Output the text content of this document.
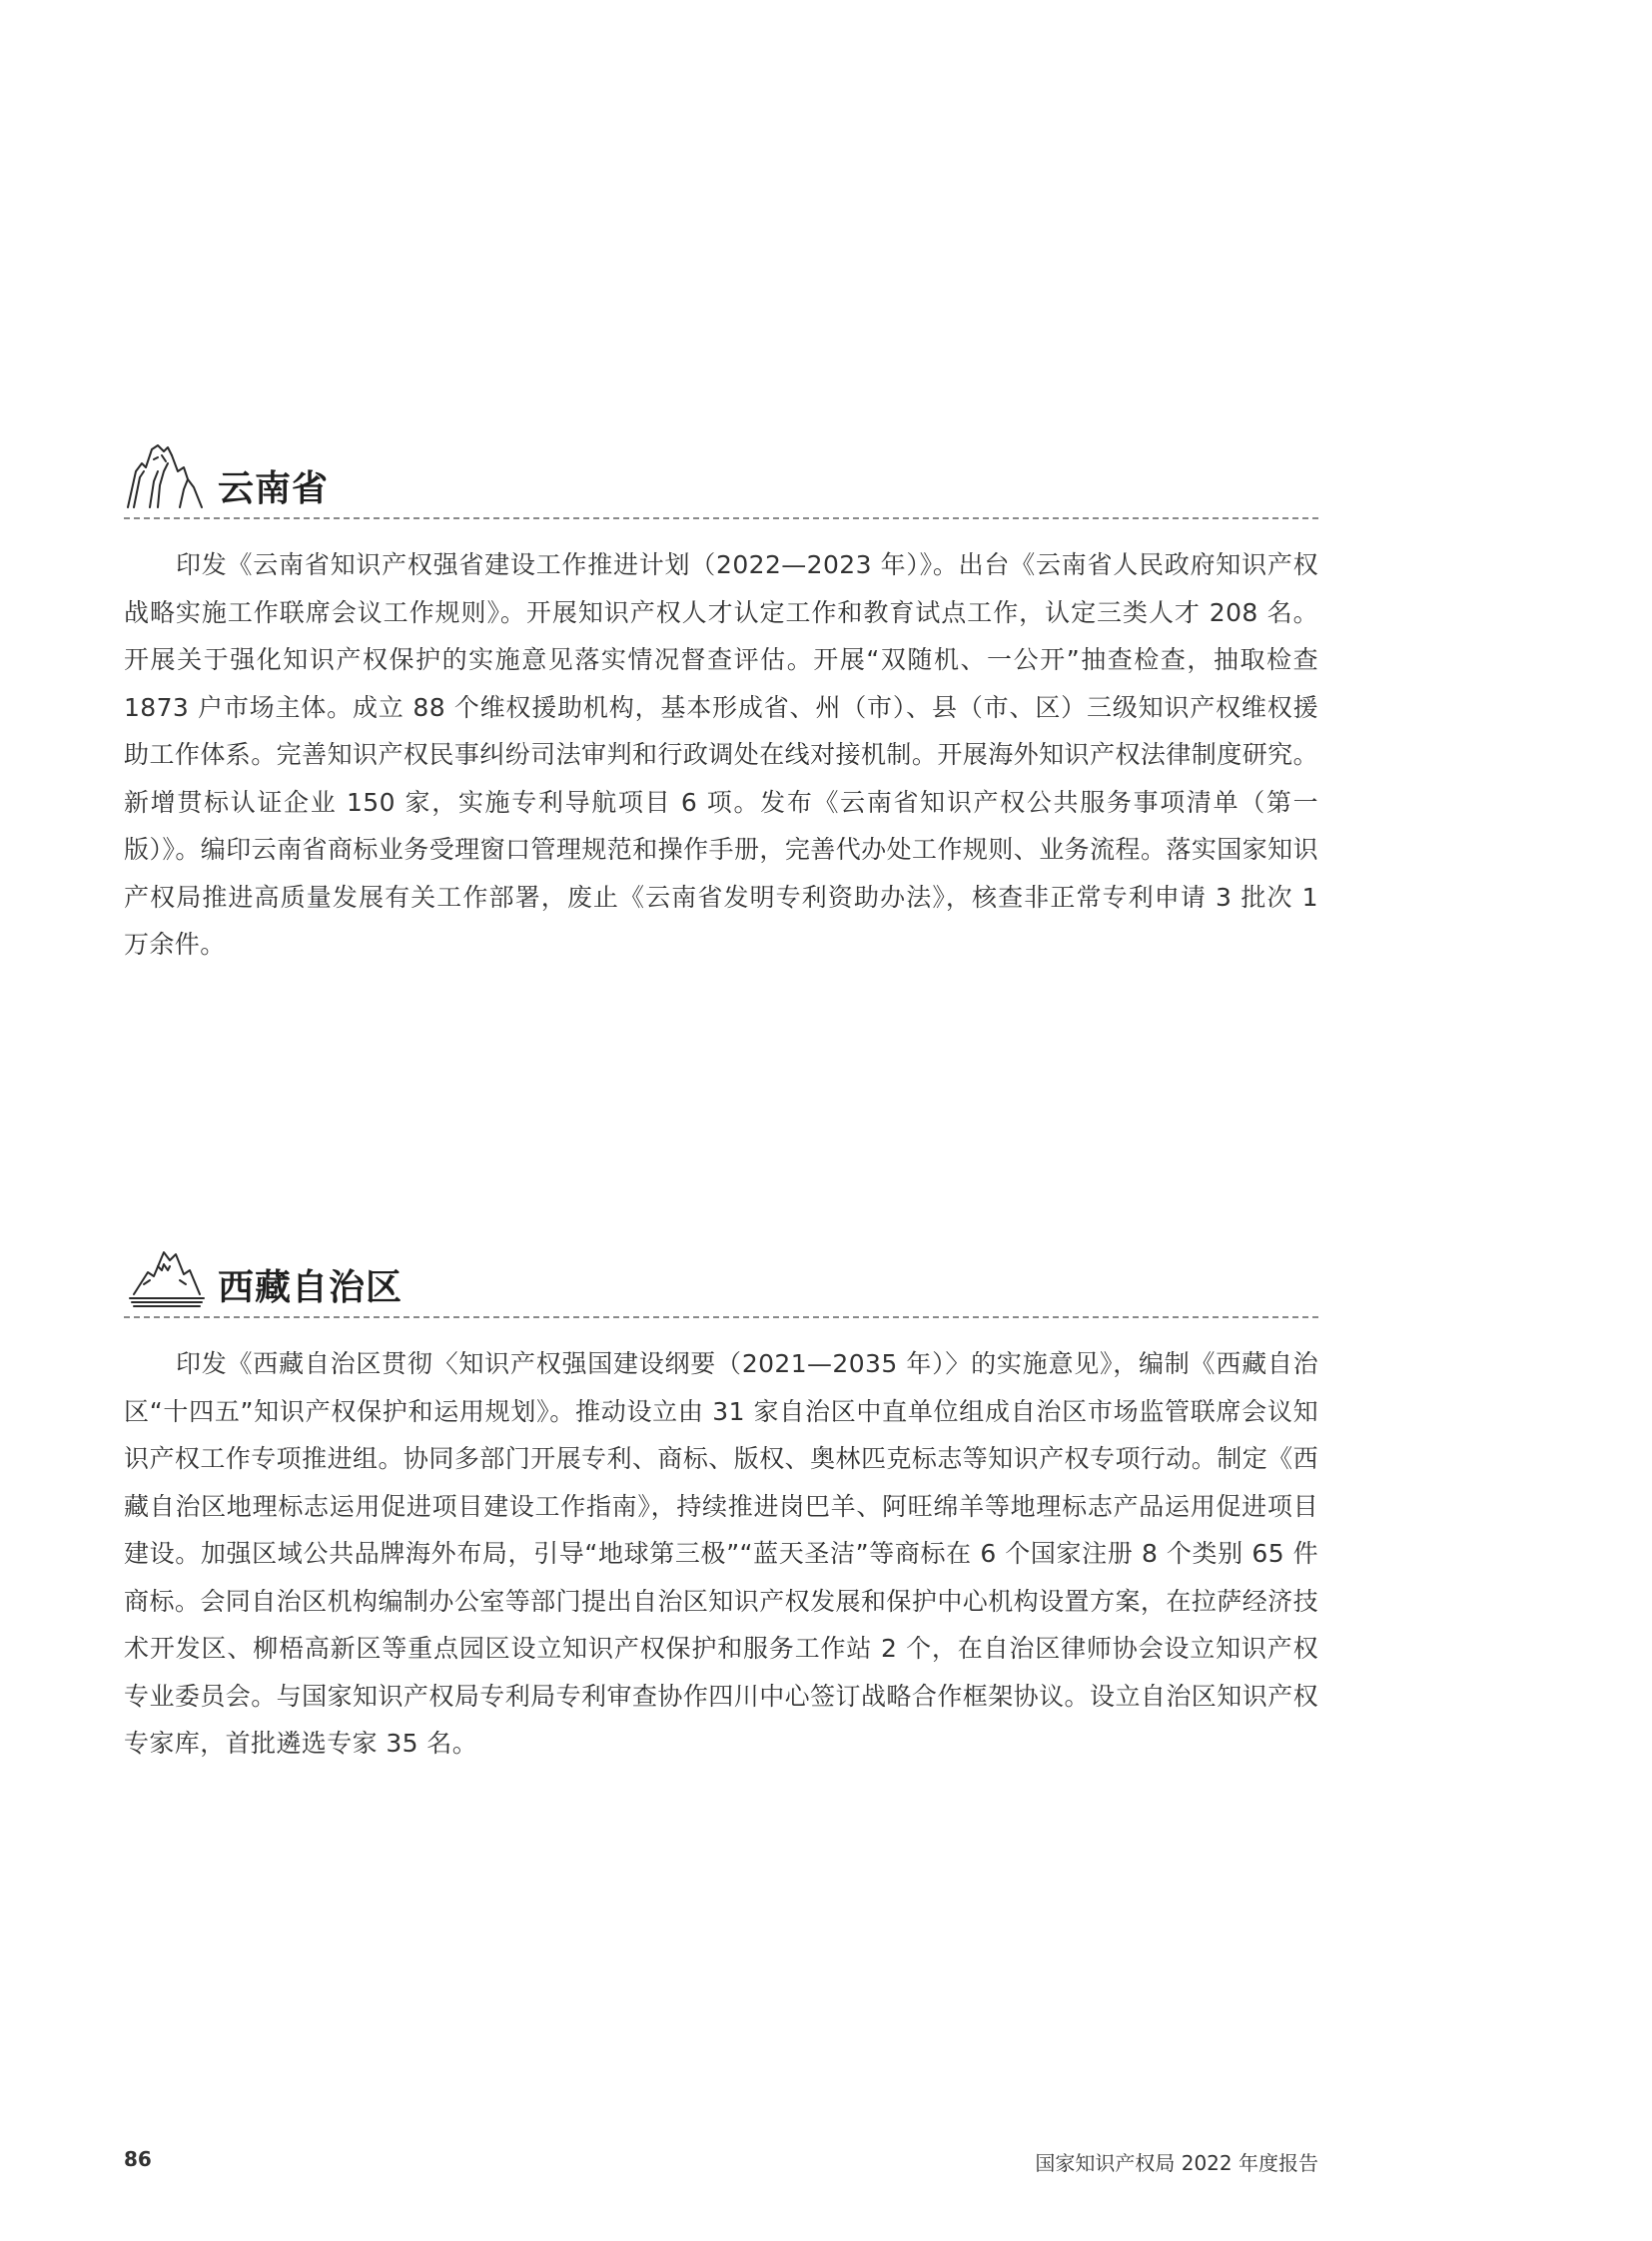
云南省

印发《云南省知识产权强省建设工作推进计划（2022—2023 年）》。出台《云南省人民政府知识产权战略实施工作联席会议工作规则》。开展知识产权人才认定工作和教育试点工作，认定三类人才 208 名。开展关于强化知识产权保护的实施意见落实情况督查评估。开展“双随机、一公开”抽查检查，抽取检查 1873 户市场主体。成立 88 个维权援助机构，基本形成省、州（市）、县（市、区）三级知识产权维权援助工作体系。完善知识产权民事纠纷司法审判和行政调处在线对接机制。开展海外知识产权法律制度研究。新增贯标认证企业 150 家，实施专利导航项目 6 项。发布《云南省知识产权公共服务事项清单（第一版）》。编印云南省商标业务受理窗口管理规范和操作手册，完善代办处工作规则、业务流程。落实国家知识产权局推进高质量发展有关工作部署，废止《云南省发明专利资助办法》，核查非正常专利申请 3 批次 1 万余件。

西藏自治区

印发《西藏自治区贯彻〈知识产权强国建设纲要（2021—2035 年）〉的实施意见》，编制《西藏自治区“十四五”知识产权保护和运用规划》。推动设立由 31 家自治区中直单位组成自治区市场监管联席会议知识产权工作专项推进组。协同多部门开展专利、商标、版权、奥林匹克标志等知识产权专项行动。制定《西藏自治区地理标志运用促进项目建设工作指南》，持续推进岗巴羊、阿旺绵羊等地理标志产品运用促进项目建设。加强区域公共品牌海外布局，引导“地球第三极”“蓝天圣洁”等商标在 6 个国家注册 8 个类别 65 件商标。会同自治区机构编制办公室等部门提出自治区知识产权发展和保护中心机构设置方案，在拉萨经济技术开发区、柳梧高新区等重点园区设立知识产权保护和服务工作站 2 个，在自治区律师协会设立知识产权专业委员会。与国家知识产权局专利局专利审查协作四川中心签订战略合作框架协议。设立自治区知识产权专家库，首批遴选专家 35 名。

86	国家知识产权局 2022 年度报告
